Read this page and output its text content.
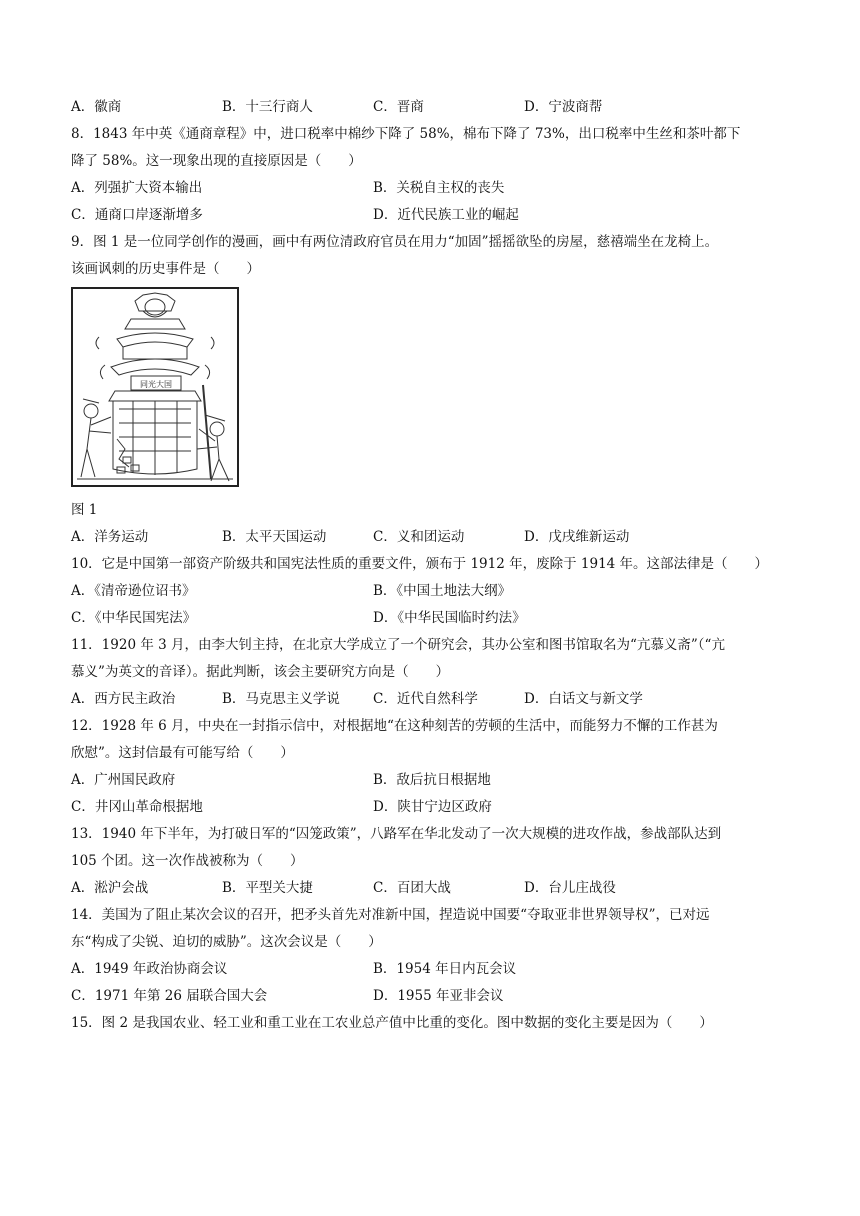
A．徽商	B．十三行商人	C．晋商	D．宁波商帮
8．1843 年中英《通商章程》中，进口税率中棉纱下降了 58%，棉布下降了 73%，出口税率中生丝和茶叶都下
降了 58%。这一现象出现的直接原因是（　　）
A．列强扩大资本输出	B．关税自主权的丧失
C．通商口岸逐渐增多	D．近代民族工业的崛起
9．图 1 是一位同学创作的漫画，画中有两位清政府官员在用力“加固”摇摇欲坠的房屋，慈禧端坐在龙椅上。
该画讽刺的历史事件是（　　）
同光大国
图 1
A．洋务运动	B．太平天国运动	C．义和团运动	D．戊戌维新运动
10．它是中国第一部资产阶级共和国宪法性质的重要文件，颁布于 1912 年，废除于 1914 年。这部法律是（　　）
A．《清帝逊位诏书》	B．《中国土地法大纲》
C．《中华民国宪法》	D．《中华民国临时约法》
11．1920 年 3 月，由李大钊主持，在北京大学成立了一个研究会，其办公室和图书馆取名为“亢慕义斋”（“亢
慕义”为英文的音译）。据此判断，该会主要研究方向是（　　）
A．西方民主政治	B．马克思主义学说	C．近代自然科学	D．白话文与新文学
12．1928 年 6 月，中央在一封指示信中，对根据地“在这种刻苦的劳顿的生活中，而能努力不懈的工作甚为
欣慰”。这封信最有可能写给（　　）
A．广州国民政府	B．敌后抗日根据地
C．井冈山革命根据地	D．陕甘宁边区政府
13．1940 年下半年，为打破日军的“囚笼政策”，八路军在华北发动了一次大规模的进攻作战，参战部队达到
105 个团。这一次作战被称为（　　）
A．淞沪会战	B．平型关大捷	C．百团大战	D．台儿庄战役
14．美国为了阻止某次会议的召开，把矛头首先对准新中国，捏造说中国要“夺取亚非世界领导权”，已对远
东“构成了尖锐、迫切的威胁”。这次会议是（　　）
A．1949 年政治协商会议	B．1954 年日内瓦会议
C．1971 年第 26 届联合国大会	D．1955 年亚非会议
15．图 2 是我国农业、轻工业和重工业在工农业总产值中比重的变化。图中数据的变化主要是因为（　　）
